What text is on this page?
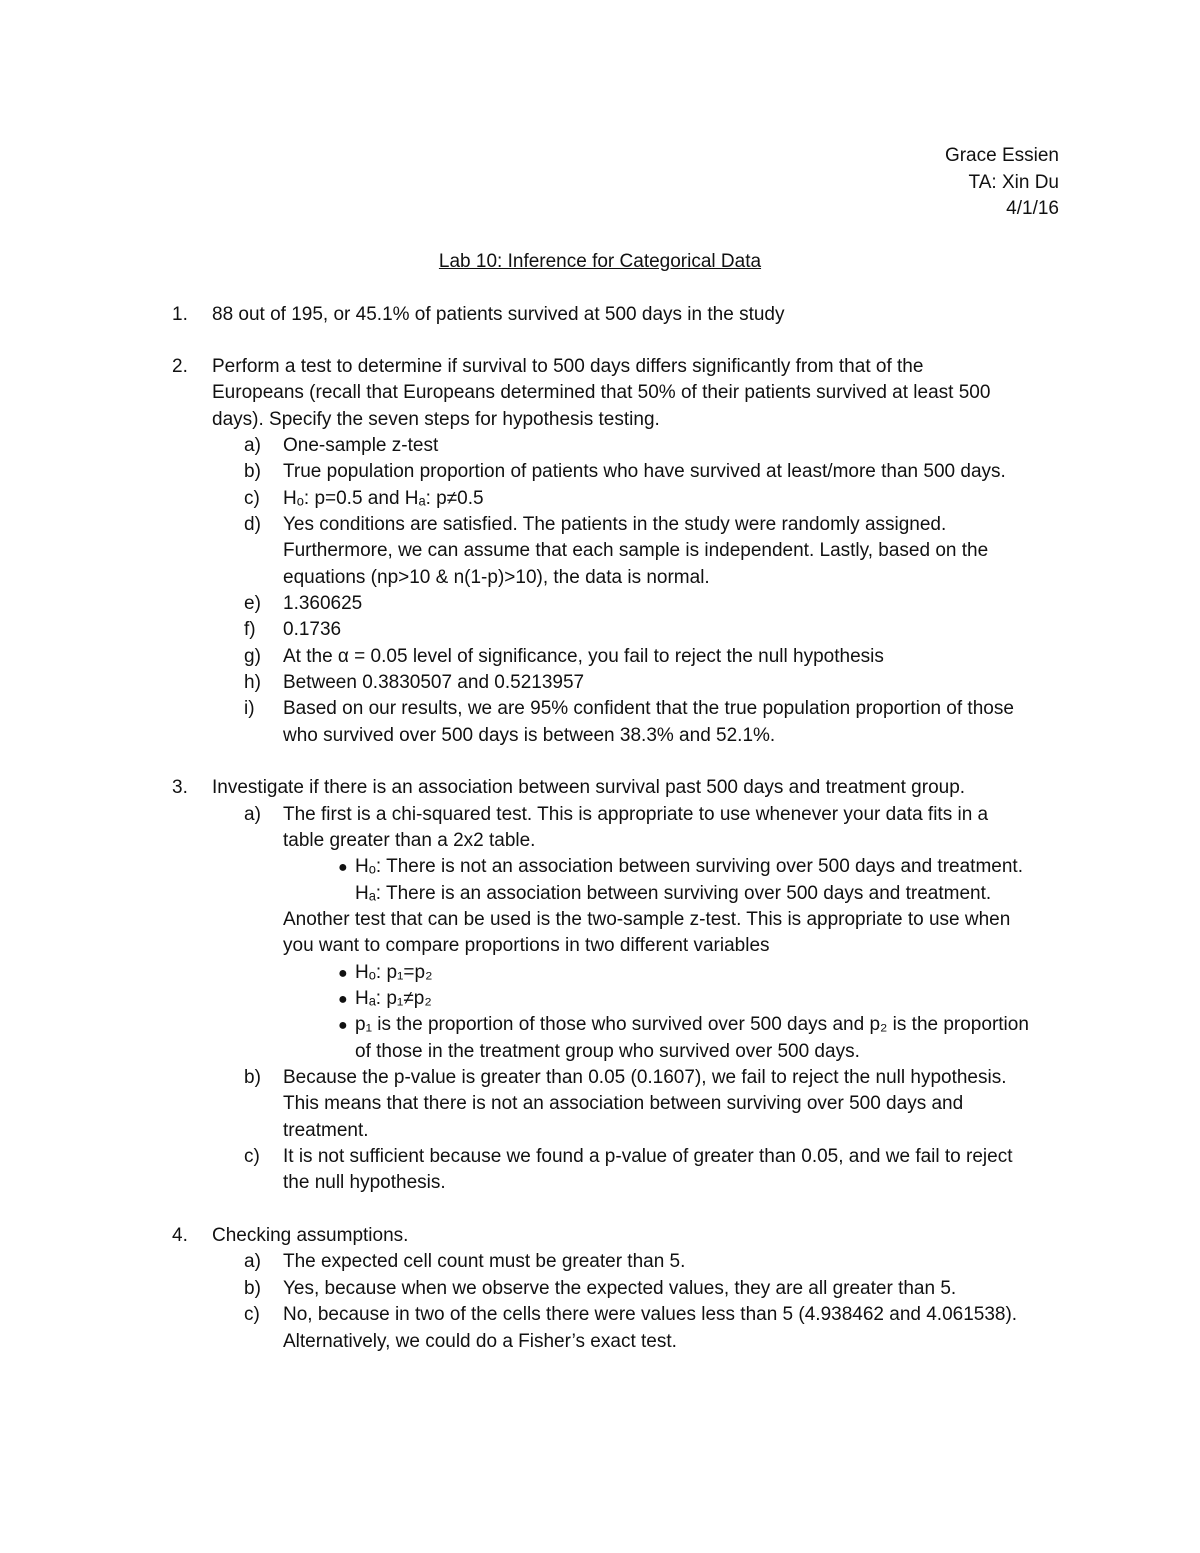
Grace Essien
TA: Xin Du
4/1/16
Lab 10: Inference for Categorical Data
1. 88 out of 195, or 45.1% of patients survived at 500 days in the study
2. Perform a test to determine if survival to 500 days differs significantly from that of the
Europeans (recall that Europeans determined that 50% of their patients survived at least 500
days). Specify the seven steps for hypothesis testing.
a) One-sample z-test
b) True population proportion of patients who have survived at least/more than 500 days.
c) Hₒ: p=0.5 and Hₐ: p≠0.5
d) Yes conditions are satisfied. The patients in the study were randomly assigned.
Furthermore, we can assume that each sample is independent. Lastly, based on the
equations (np>10 & n(1-p)>10), the data is normal.
e) 1.360625
f) 0.1736
g) At the α = 0.05 level of significance, you fail to reject the null hypothesis
h) Between 0.3830507 and 0.5213957
i) Based on our results, we are 95% confident that the true population proportion of those
who survived over 500 days is between 38.3% and 52.1%.
3. Investigate if there is an association between survival past 500 days and treatment group.
a) The first is a chi-squared test. This is appropriate to use whenever your data fits in a
table greater than a 2x2 table.
● Hₒ: There is not an association between surviving over 500 days and treatment.
Hₐ: There is an association between surviving over 500 days and treatment.
Another test that can be used is the two-sample z-test. This is appropriate to use when
you want to compare proportions in two different variables
● Hₒ: p₁=p₂
● Hₐ: p₁≠p₂
● p₁ is the proportion of those who survived over 500 days and p₂ is the proportion
of those in the treatment group who survived over 500 days.
b) Because the p-value is greater than 0.05 (0.1607), we fail to reject the null hypothesis.
This means that there is not an association between surviving over 500 days and
treatment.
c) It is not sufficient because we found a p-value of greater than 0.05, and we fail to reject
the null hypothesis.
4. Checking assumptions.
a) The expected cell count must be greater than 5.
b) Yes, because when we observe the expected values, they are all greater than 5.
c) No, because in two of the cells there were values less than 5 (4.938462 and 4.061538).
Alternatively, we could do a Fisher’s exact test.
